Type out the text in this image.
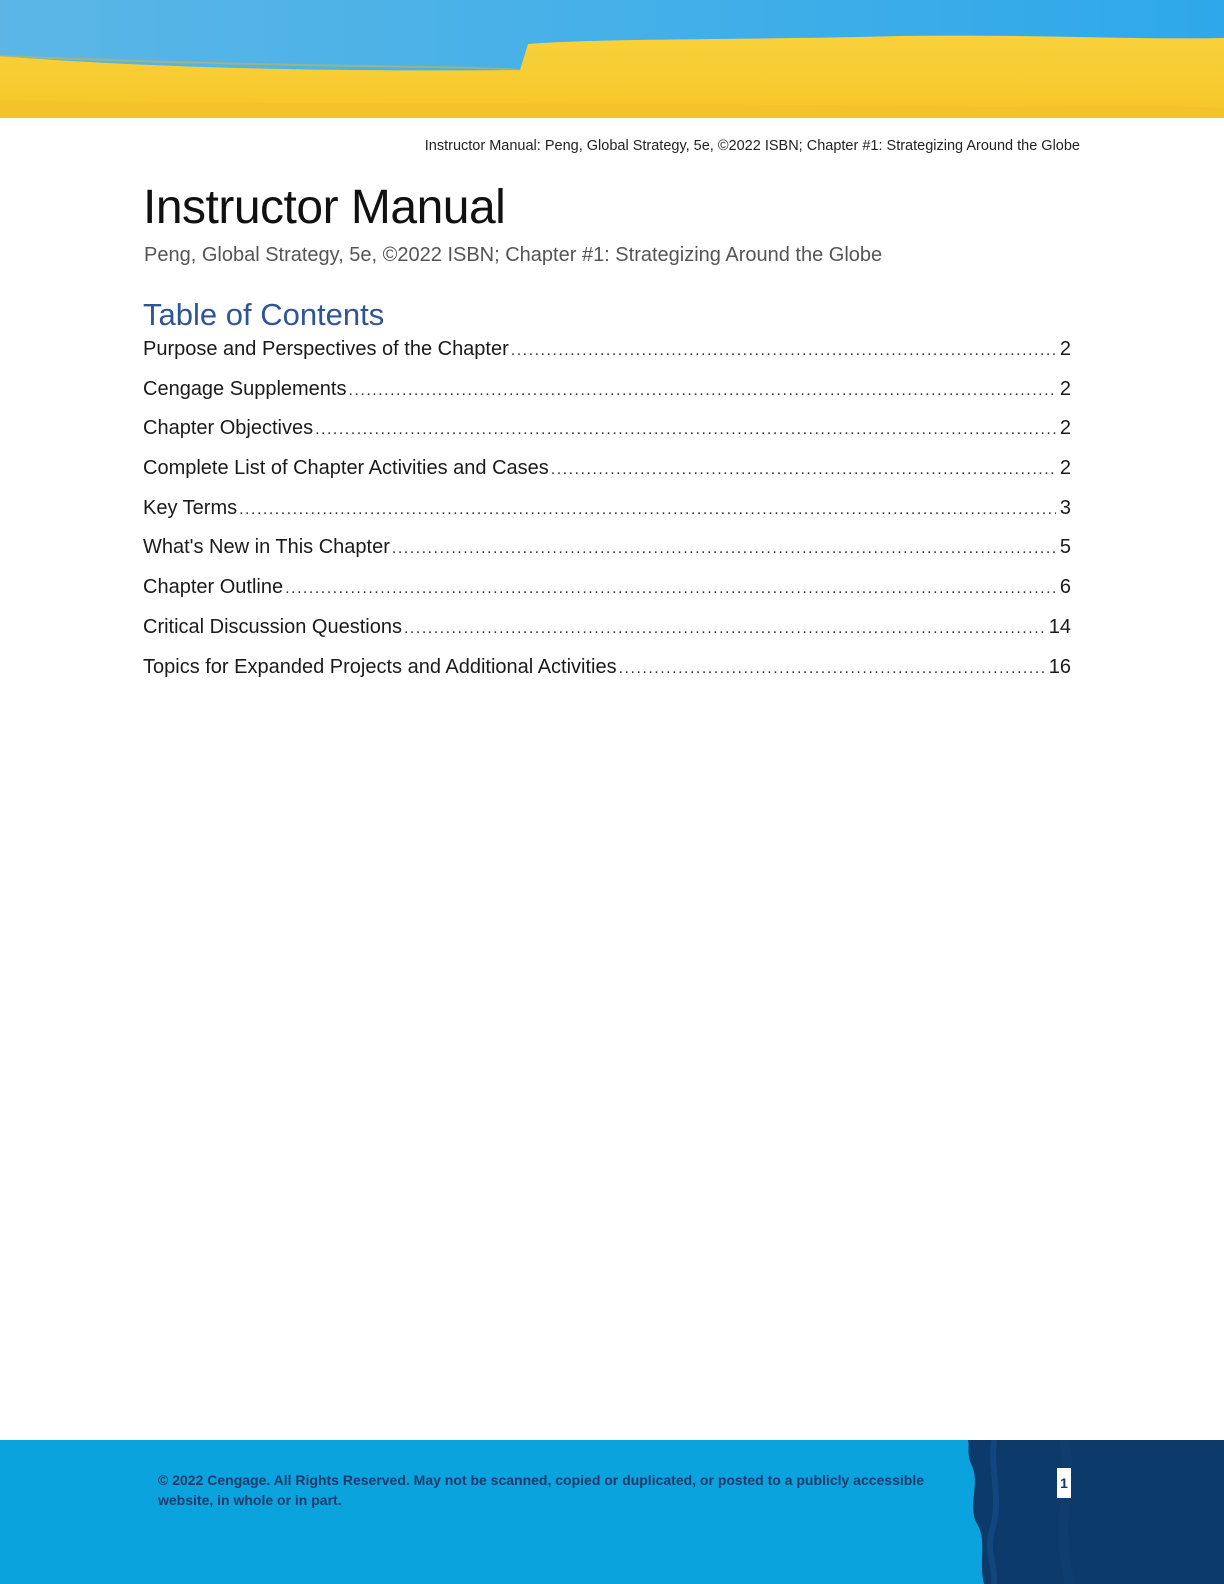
Instructor Manual: Peng, Global Strategy, 5e, ©2022 ISBN; Chapter #1: Strategizing Around the Globe
Instructor Manual
Peng, Global Strategy, 5e, ©2022 ISBN; Chapter #1: Strategizing Around the Globe
Table of Contents
Purpose and Perspectives of the Chapter .....	2
Cengage Supplements .....	2
Chapter Objectives .....	2
Complete List of Chapter Activities and Cases .....	2
Key Terms .....	3
What's New in This Chapter .....	5
Chapter Outline .....	6
Critical Discussion Questions .....	14
Topics for Expanded Projects and Additional Activities .....	16
© 2022 Cengage. All Rights Reserved. May not be scanned, copied or duplicated, or posted to a publicly accessible website, in whole or in part.
1
